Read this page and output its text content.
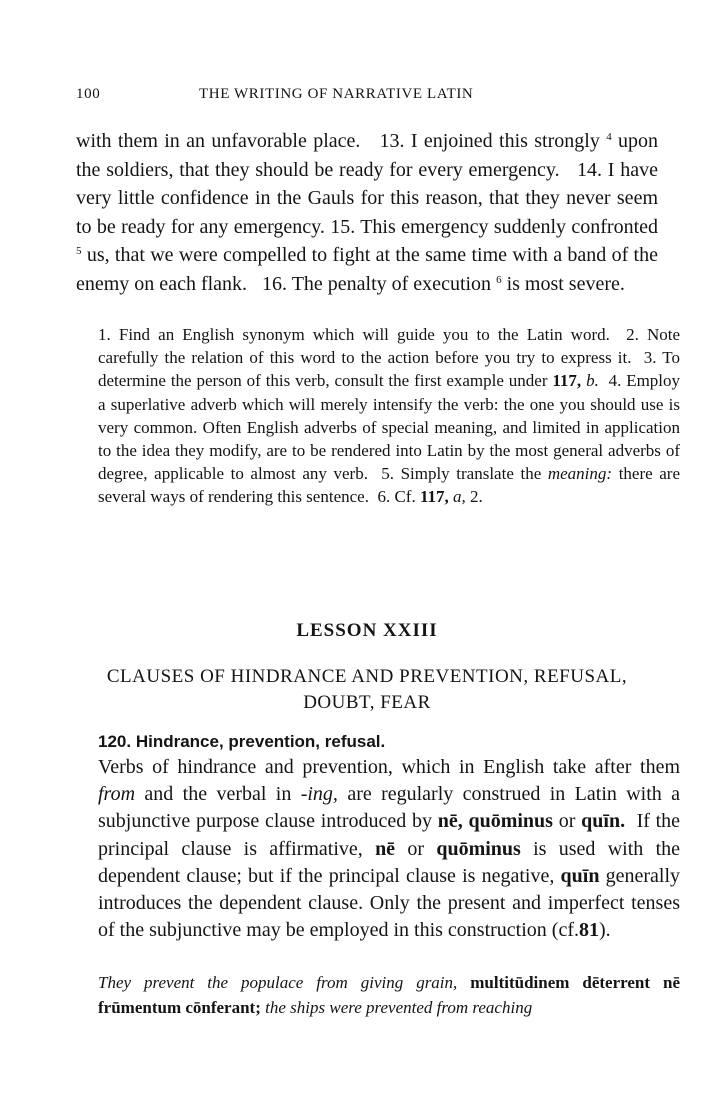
100	THE WRITING OF NARRATIVE LATIN
with them in an unfavorable place. 13. I enjoined this strongly $^4$ upon the soldiers, that they should be ready for every emergency. 14. I have very little confidence in the Gauls for this reason, that they never seem to be ready for any emergency. 15. This emergency suddenly confronted $^5$ us, that we were compelled to fight at the same time with a band of the enemy on each flank. 16. The penalty of execution $^6$ is most severe.
1. Find an English synonym which will guide you to the Latin word. 2. Note carefully the relation of this word to the action before you try to express it. 3. To determine the person of this verb, consult the first example under 117, b. 4. Employ a superlative adverb which will merely intensify the verb: the one you should use is very common. Often English adverbs of special meaning, and limited in application to the idea they modify, are to be rendered into Latin by the most general adverbs of degree, applicable to almost any verb. 5. Simply translate the meaning: there are several ways of rendering this sentence. 6. Cf. 117, a, 2.
LESSON XXIII
CLAUSES OF HINDRANCE AND PREVENTION, REFUSAL,
DOUBT, FEAR
120. Hindrance, prevention, refusal.
Verbs of hindrance and prevention, which in English take after them from and the verbal in -ing, are regularly construed in Latin with a subjunctive purpose clause introduced by nē, quōminus or quīn. If the principal clause is affirmative, nē or quōminus is used with the dependent clause; but if the principal clause is negative, quīn generally introduces the dependent clause. Only the present and imperfect tenses of the subjunctive may be employed in this construction (cf.81).
They prevent the populace from giving grain, multitūdinem dēterrent nē frūmentum cōnferant; the ships were prevented from reaching
